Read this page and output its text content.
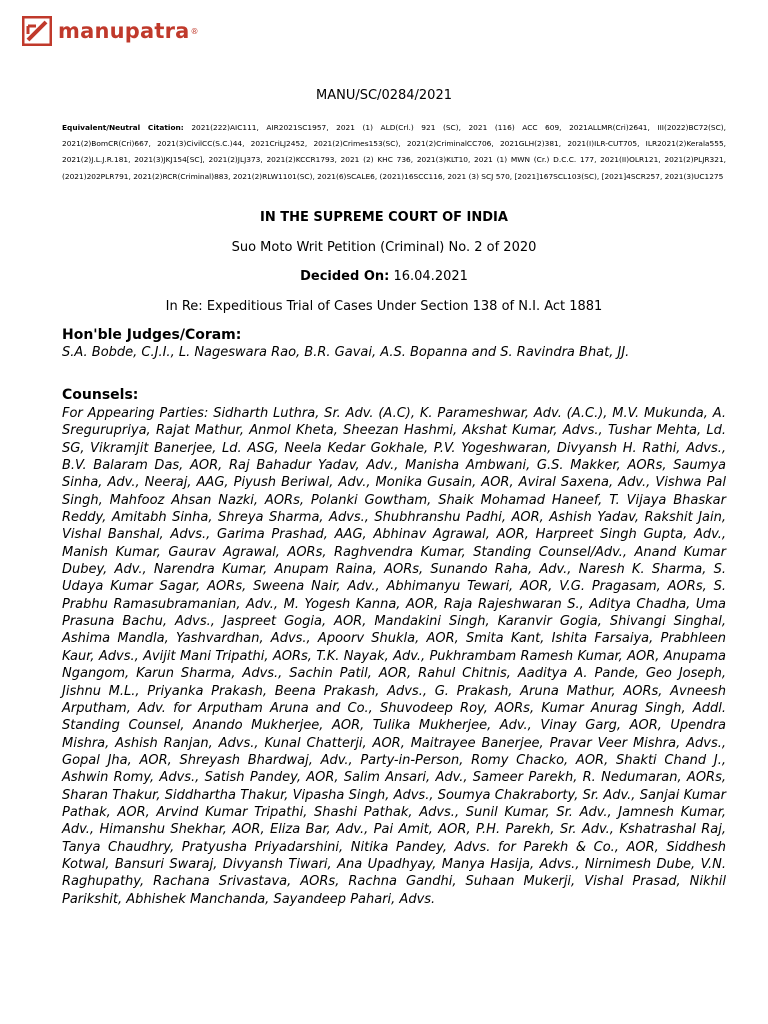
manupatra ®
MANU/SC/0284/2021
Equivalent/Neutral Citation: 2021(222)AIC111, AIR2021SC1957, 2021 (1) ALD(Crl.) 921 (SC), 2021 (116) ACC 609, 2021ALLMR(Cri)2641, III(2022)BC72(SC), 2021(2)BomCR(Cri)667, 2021(3)CivilCC(S.C.)44, 2021CriLJ2452, 2021(2)Crimes153(SC), 2021(2)CriminalCC706, 2021GLH(2)381, 2021(I)ILR-CUT705, ILR2021(2)Kerala555, 2021(2)J.L.J.R.181, 2021(3)JKJ154[SC], 2021(2)JLJ373, 2021(2)KCCR1793, 2021 (2) KHC 736, 2021(3)KLT10, 2021 (1) MWN (Cr.) D.C.C. 177, 2021(II)OLR121, 2021(2)PLJR321, (2021)202PLR791, 2021(2)RCR(Criminal)883, 2021(2)RLW1101(SC), 2021(6)SCALE6, (2021)16SCC116, 2021 (3) SCJ 570, [2021]167SCL103(SC), [2021]4SCR257, 2021(3)UC1275
IN THE SUPREME COURT OF INDIA
Suo Moto Writ Petition (Criminal) No. 2 of 2020
Decided On: 16.04.2021
In Re: Expeditious Trial of Cases Under Section 138 of N.I. Act 1881
Hon'ble Judges/Coram:
S.A. Bobde, C.J.I., L. Nageswara Rao, B.R. Gavai, A.S. Bopanna and S. Ravindra Bhat, JJ.
Counsels:
For Appearing Parties: Sidharth Luthra, Sr. Adv. (A.C), K. Parameshwar, Adv. (A.C.), M.V. Mukunda, A. Sregurupriya, Rajat Mathur, Anmol Kheta, Sheezan Hashmi, Akshat Kumar, Advs., Tushar Mehta, Ld. SG, Vikramjit Banerjee, Ld. ASG, Neela Kedar Gokhale, P.V. Yogeshwaran, Divyansh H. Rathi, Advs., B.V. Balaram Das, AOR, Raj Bahadur Yadav, Adv., Manisha Ambwani, G.S. Makker, AORs, Saumya Sinha, Adv., Neeraj, AAG, Piyush Beriwal, Adv., Monika Gusain, AOR, Aviral Saxena, Adv., Vishwa Pal Singh, Mahfooz Ahsan Nazki, AORs, Polanki Gowtham, Shaik Mohamad Haneef, T. Vijaya Bhaskar Reddy, Amitabh Sinha, Shreya Sharma, Advs., Shubhranshu Padhi, AOR, Ashish Yadav, Rakshit Jain, Vishal Banshal, Advs., Garima Prashad, AAG, Abhinav Agrawal, AOR, Harpreet Singh Gupta, Adv., Manish Kumar, Gaurav Agrawal, AORs, Raghvendra Kumar, Standing Counsel/Adv., Anand Kumar Dubey, Adv., Narendra Kumar, Anupam Raina, AORs, Sunando Raha, Adv., Naresh K. Sharma, S. Udaya Kumar Sagar, AORs, Sweena Nair, Adv., Abhimanyu Tewari, AOR, V.G. Pragasam, AORs, S. Prabhu Ramasubramanian, Adv., M. Yogesh Kanna, AOR, Raja Rajeshwaran S., Aditya Chadha, Uma Prasuna Bachu, Advs., Jaspreet Gogia, AOR, Mandakini Singh, Karanvir Gogia, Shivangi Singhal, Ashima Mandla, Yashvardhan, Advs., Apoorv Shukla, AOR, Smita Kant, Ishita Farsaiya, Prabhleen Kaur, Advs., Avijit Mani Tripathi, AORs, T.K. Nayak, Adv., Pukhrambam Ramesh Kumar, AOR, Anupama Ngangom, Karun Sharma, Advs., Sachin Patil, AOR, Rahul Chitnis, Aaditya A. Pande, Geo Joseph, Jishnu M.L., Priyanka Prakash, Beena Prakash, Advs., G. Prakash, Aruna Mathur, AORs, Avneesh Arputham, Adv. for Arputham Aruna and Co., Shuvodeep Roy, AORs, Kumar Anurag Singh, Addl. Standing Counsel, Anando Mukherjee, AOR, Tulika Mukherjee, Adv., Vinay Garg, AOR, Upendra Mishra, Ashish Ranjan, Advs., Kunal Chatterji, AOR, Maitrayee Banerjee, Pravar Veer Mishra, Advs., Gopal Jha, AOR, Shreyash Bhardwaj, Adv., Party-in-Person, Romy Chacko, AOR, Shakti Chand J., Ashwin Romy, Advs., Satish Pandey, AOR, Salim Ansari, Adv., Sameer Parekh, R. Nedumaran, AORs, Sharan Thakur, Siddhartha Thakur, Vipasha Singh, Advs., Soumya Chakraborty, Sr. Adv., Sanjai Kumar Pathak, AOR, Arvind Kumar Tripathi, Shashi Pathak, Advs., Sunil Kumar, Sr. Adv., Jamnesh Kumar, Adv., Himanshu Shekhar, AOR, Eliza Bar, Adv., Pai Amit, AOR, P.H. Parekh, Sr. Adv., Kshatrashal Raj, Tanya Chaudhry, Pratyusha Priyadarshini, Nitika Pandey, Advs. for Parekh & Co., AOR, Siddhesh Kotwal, Bansuri Swaraj, Divyansh Tiwari, Ana Upadhyay, Manya Hasija, Advs., Nirnimesh Dube, V.N. Raghupathy, Rachana Srivastava, AORs, Rachna Gandhi, Suhaan Mukerji, Vishal Prasad, Nikhil Parikshit, Abhishek Manchanda, Sayandeep Pahari, Advs.
